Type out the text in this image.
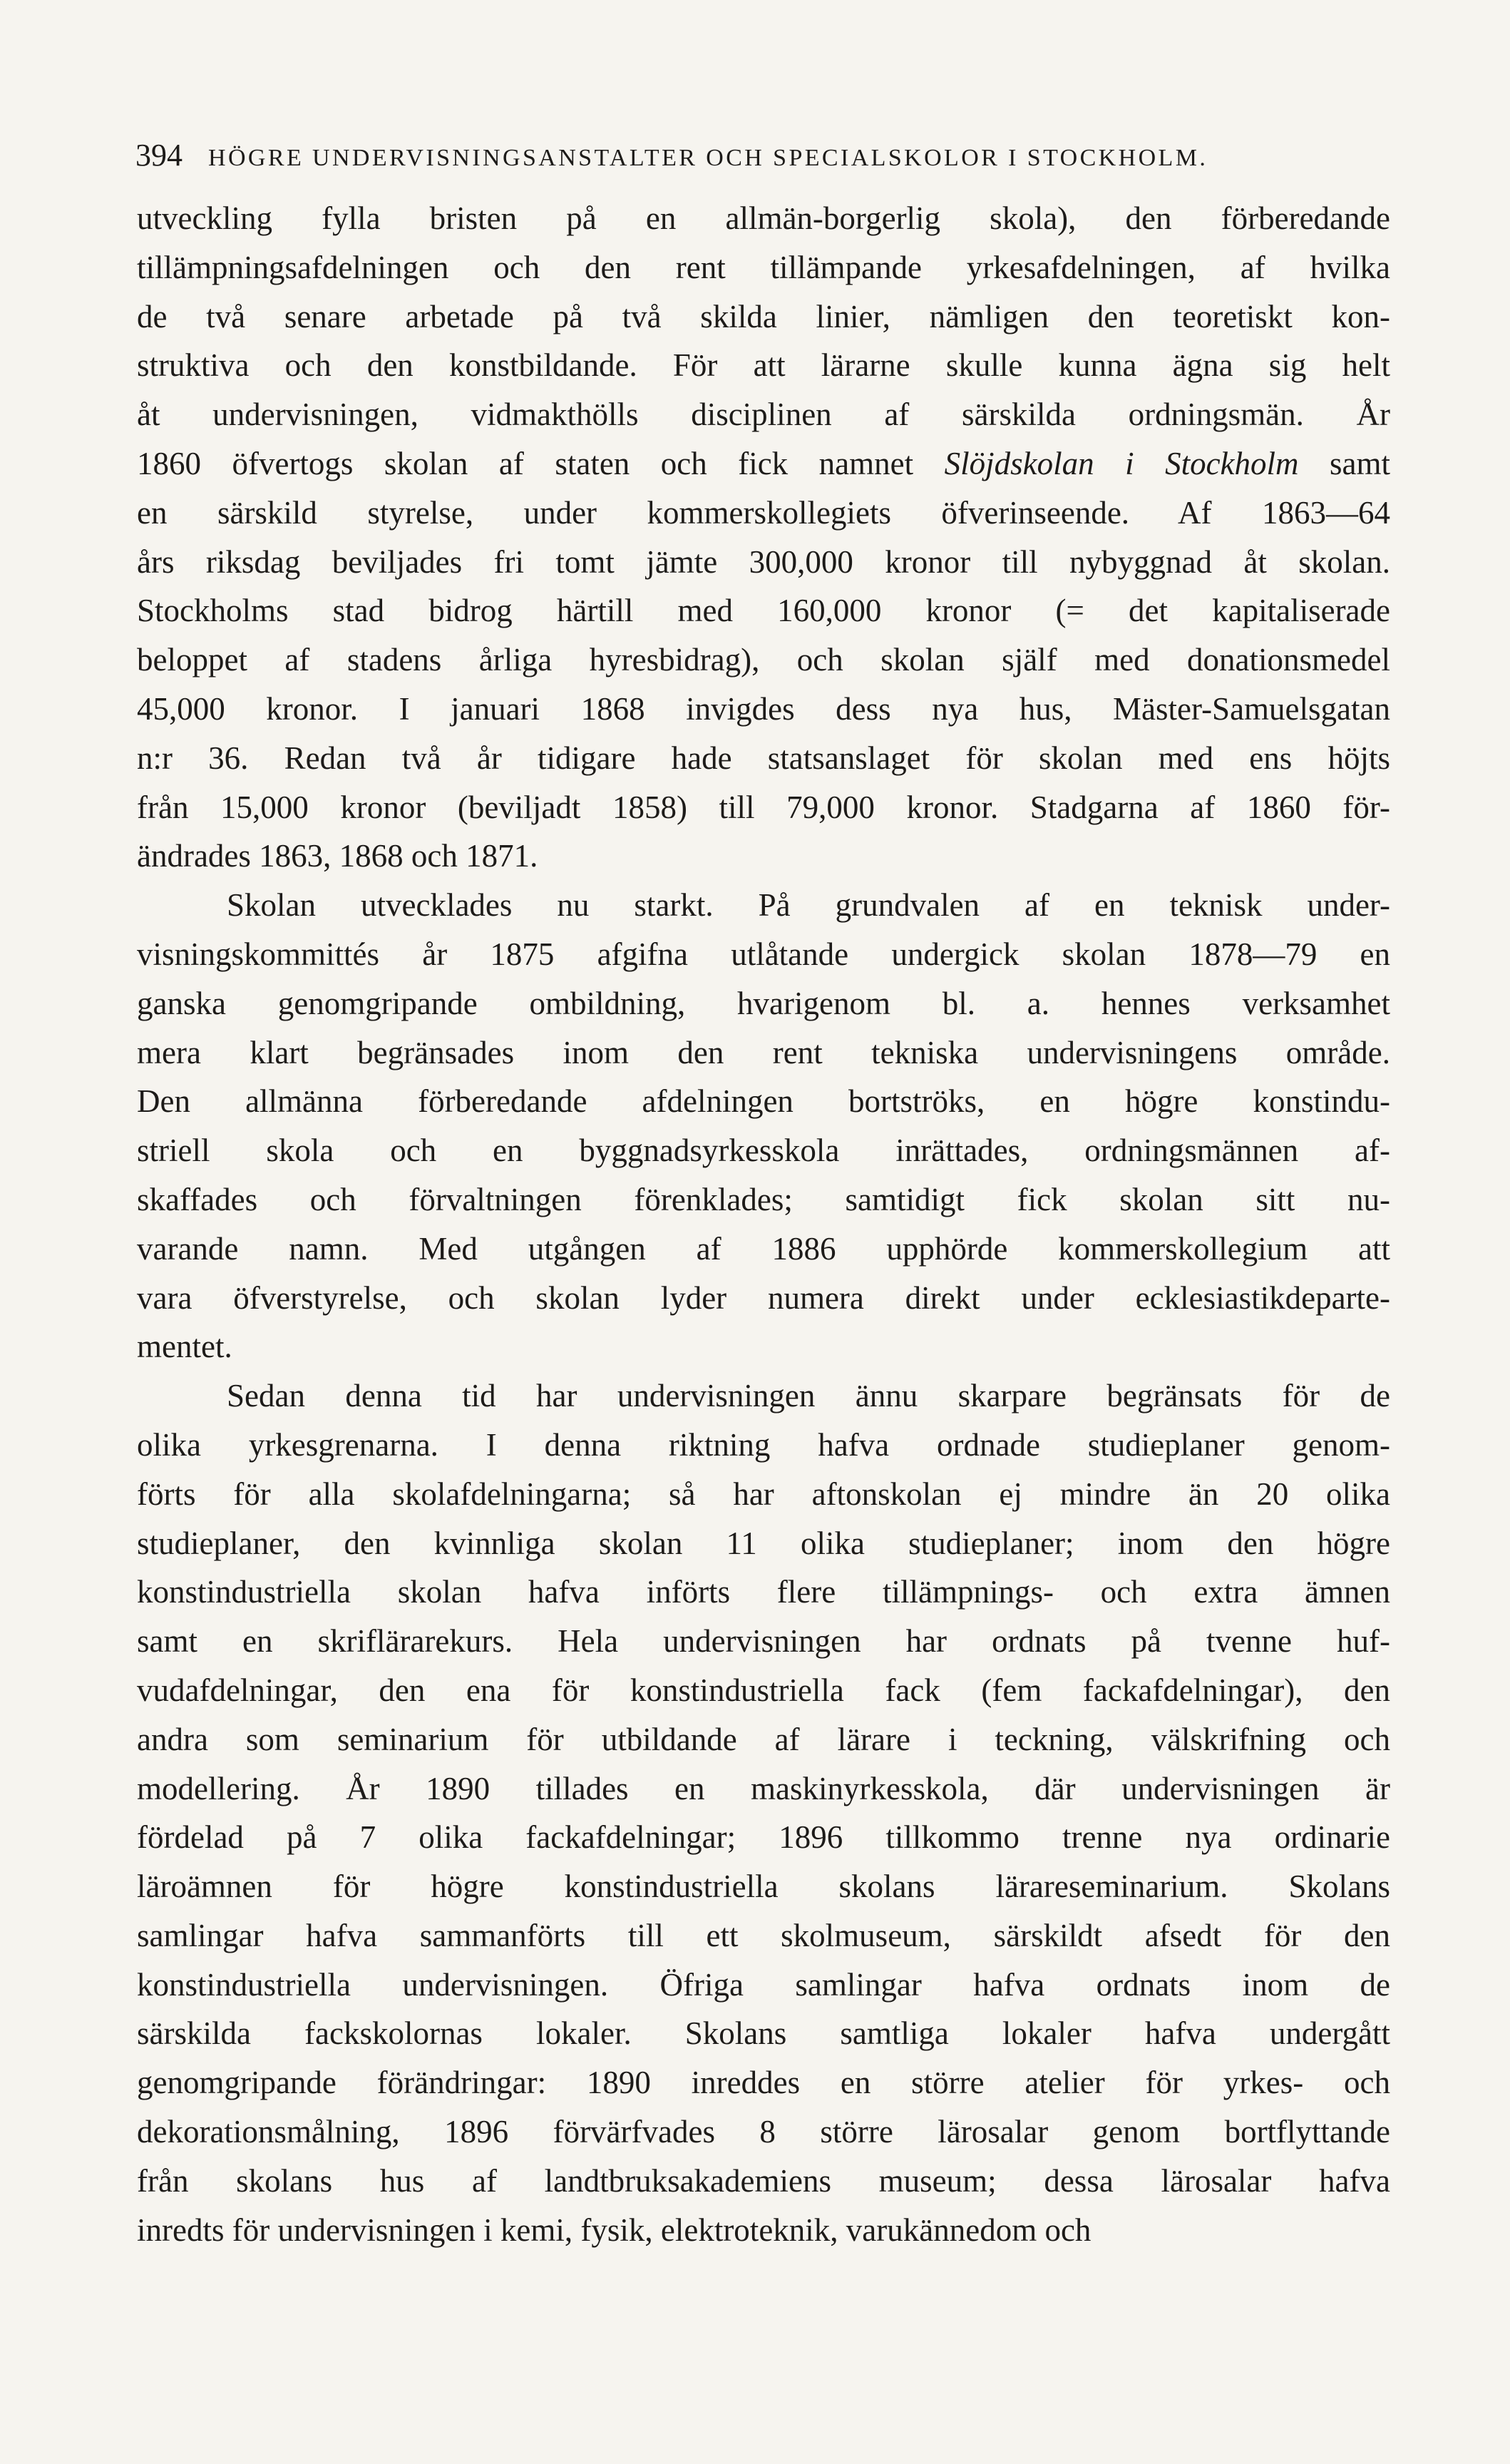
394 HÖGRE UNDERVISNINGSANSTALTER OCH SPECIALSKOLOR I STOCKHOLM.
utveckling fylla bristen på en allmän-borgerlig skola), den förberedande
tillämpningsafdelningen och den rent tillämpande yrkesafdelningen, af hvilka
de två senare arbetade på två skilda linier, nämligen den teoretiskt kon-
struktiva och den konstbildande. För att lärarne skulle kunna ägna sig helt
åt undervisningen, vidmakthölls disciplinen af särskilda ordningsmän. År
1860 öfvertogs skolan af staten och fick namnet Slöjdskolan i Stockholm samt
en särskild styrelse, under kommerskollegiets öfverinseende. Af 1863—64
års riksdag beviljades fri tomt jämte 300,000 kronor till nybyggnad åt skolan.
Stockholms stad bidrog härtill med 160,000 kronor (= det kapitaliserade
beloppet af stadens årliga hyresbidrag), och skolan själf med donationsmedel
45,000 kronor. I januari 1868 invigdes dess nya hus, Mäster-Samuelsgatan
n:r 36. Redan två år tidigare hade statsanslaget för skolan med ens höjts
från 15,000 kronor (beviljadt 1858) till 79,000 kronor. Stadgarna af 1860 för-
ändrades 1863, 1868 och 1871.
Skolan utvecklades nu starkt. På grundvalen af en teknisk under-
visningskommittés år 1875 afgifna utlåtande undergick skolan 1878—79 en
ganska genomgripande ombildning, hvarigenom bl. a. hennes verksamhet
mera klart begränsades inom den rent tekniska undervisningens område.
Den allmänna förberedande afdelningen bortströks, en högre konstindu-
striell skola och en byggnadsyrkesskola inrättades, ordningsmännen af-
skaffades och förvaltningen förenklades; samtidigt fick skolan sitt nu-
varande namn. Med utgången af 1886 upphörde kommerskollegium att
vara öfverstyrelse, och skolan lyder numera direkt under ecklesiastikdeparte-
mentet.
Sedan denna tid har undervisningen ännu skarpare begränsats för de
olika yrkesgrenarna. I denna riktning hafva ordnade studieplaner genom-
förts för alla skolafdelningarna; så har aftonskolan ej mindre än 20 olika
studieplaner, den kvinnliga skolan 11 olika studieplaner; inom den högre
konstindustriella skolan hafva införts flere tillämpnings- och extra ämnen
samt en skriflärarekurs. Hela undervisningen har ordnats på tvenne huf-
vudafdelningar, den ena för konstindustriella fack (fem fackafdelningar), den
andra som seminarium för utbildande af lärare i teckning, välskrifning och
modellering. År 1890 tillades en maskinyrkesskola, där undervisningen är
fördelad på 7 olika fackafdelningar; 1896 tillkommo trenne nya ordinarie
läroämnen för högre konstindustriella skolans lärareseminarium. Skolans
samlingar hafva sammanförts till ett skolmuseum, särskildt afsedt för den
konstindustriella undervisningen. Öfriga samlingar hafva ordnats inom de
särskilda fackskolornas lokaler. Skolans samtliga lokaler hafva undergått
genomgripande förändringar: 1890 inreddes en större atelier för yrkes- och
dekorationsmålning, 1896 förvärfvades 8 större lärosalar genom bortflyttande
från skolans hus af landtbruksakademiens museum; dessa lärosalar hafva
inredts för undervisningen i kemi, fysik, elektroteknik, varukännedom och
